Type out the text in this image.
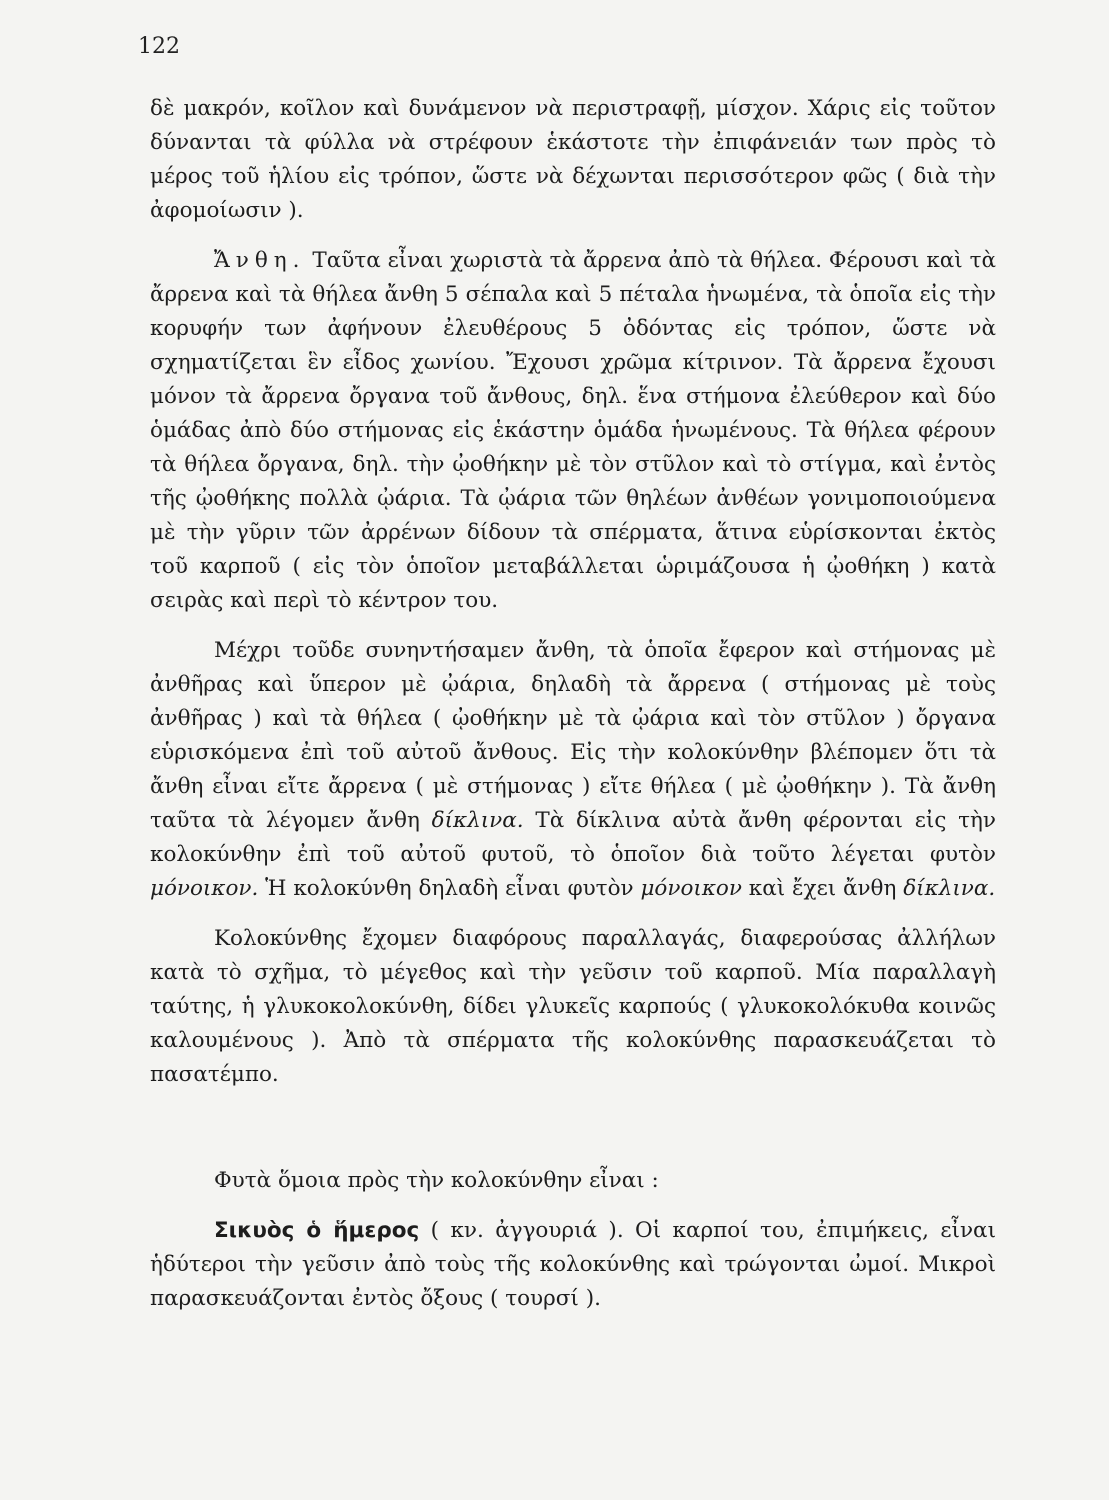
122

δὲ μακρόν, κοῖλον καὶ δυνάμενον νὰ περιστραφῇ, μίσχον. Χάρις εἰς τοῦτον δύνανται τὰ φύλλα νὰ στρέφουν ἑκάστοτε τὴν ἐπιφάνειάν των πρὸς τὸ μέρος τοῦ ἡλίου εἰς τρόπον, ὥστε νὰ δέχωνται περισσότερον φῶς ( διὰ τὴν ἀφομοίωσιν ).

Ἄνθη. Ταῦτα εἶναι χωριστὰ τὰ ἄρρενα ἀπὸ τὰ θήλεα. Φέρουσι καὶ τὰ ἄρρενα καὶ τὰ θήλεα ἄνθη 5 σέπαλα καὶ 5 πέταλα ἡνωμένα, τὰ ὁποῖα εἰς τὴν κορυφήν των ἀφήνουν ἐλευθέρους 5 ὀδόντας εἰς τρόπον, ὥστε νὰ σχηματίζεται ἓν εἶδος χωνίου. Ἔχουσι χρῶμα κίτρινον. Τὰ ἄρρενα ἔχουσι μόνον τὰ ἄρρενα ὄργανα τοῦ ἄνθους, δηλ. ἕνα στήμονα ἐλεύθερον καὶ δύο ὁμάδας ἀπὸ δύο στήμονας εἰς ἑκάστην ὁμάδα ἡνωμένους. Τὰ θήλεα φέρουν τὰ θήλεα ὄργανα, δηλ. τὴν ᾠοθήκην μὲ τὸν στῦλον καὶ τὸ στίγμα, καὶ ἐντὸς τῆς ᾠοθήκης πολλὰ ᾠάρια. Τὰ ᾠάρια τῶν θηλέων ἀνθέων γονιμοποιούμενα μὲ τὴν γῦριν τῶν ἀρρένων δίδουν τὰ σπέρματα, ἅτινα εὑρίσκονται ἐκτὸς τοῦ καρποῦ ( εἰς τὸν ὁποῖον μεταβάλλεται ὡριμάζουσα ἡ ᾠοθήκη ) κατὰ σειρὰς καὶ περὶ τὸ κέντρον του.

Μέχρι τοῦδε συνηντήσαμεν ἄνθη, τὰ ὁποῖα ἔφερον καὶ στήμονας μὲ ἀνθῆρας καὶ ὕπερον μὲ ᾠάρια, δηλαδὴ τὰ ἄρρενα ( στήμονας μὲ τοὺς ἀνθῆρας ) καὶ τὰ θήλεα ( ᾠοθήκην μὲ τὰ ᾠάρια καὶ τὸν στῦλον ) ὄργανα εὑρισκόμενα ἐπὶ τοῦ αὐτοῦ ἄνθους. Εἰς τὴν κολοκύνθην βλέπομεν ὅτι τὰ ἄνθη εἶναι εἴτε ἄρρενα ( μὲ στήμονας ) εἴτε θήλεα ( μὲ ᾠοθήκην ). Τὰ ἄνθη ταῦτα τὰ λέγομεν ἄνθη δίκλινα. Τὰ δίκλινα αὐτὰ ἄνθη φέρονται εἰς τὴν κολοκύνθην ἐπὶ τοῦ αὐτοῦ φυτοῦ, τὸ ὁποῖον διὰ τοῦτο λέγεται φυτὸν μόνοικον. Ἡ κολοκύνθη δηλαδὴ εἶναι φυτὸν μόνοικον καὶ ἔχει ἄνθη δίκλινα.

Κολοκύνθης ἔχομεν διαφόρους παραλλαγάς, διαφερούσας ἀλλήλων κατὰ τὸ σχῆμα, τὸ μέγεθος καὶ τὴν γεῦσιν τοῦ καρποῦ. Μία παραλλαγὴ ταύτης, ἡ γλυκοκολοκύνθη, δίδει γλυκεῖς καρπούς ( γλυκοκολόκυθα κοινῶς καλουμένους ). Ἀπὸ τὰ σπέρματα τῆς κολοκύνθης παρασκευάζεται τὸ πασατέμπο.

Φυτὰ ὅμοια πρὸς τὴν κολοκύνθην εἶναι :

Σικυὸς ὁ ἥμερος ( κν. ἀγγουριά ). Οἱ καρποί του, ἐπιμήκεις, εἶναι ἡδύτεροι τὴν γεῦσιν ἀπὸ τοὺς τῆς κολοκύνθης καὶ τρώγονται ὠμοί. Μικροὶ παρασκευάζονται ἐντὸς ὄξους ( τουρσί ).
